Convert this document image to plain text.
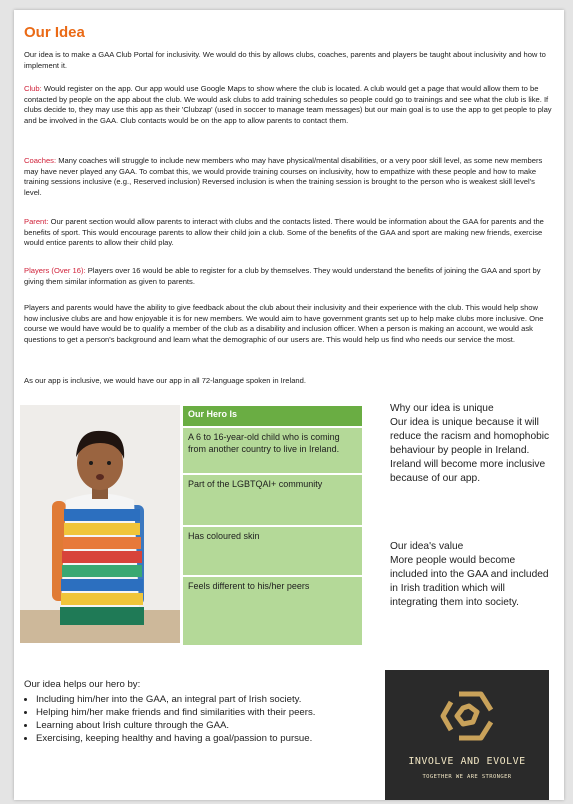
Our Idea
Our idea is to make a GAA Club Portal for inclusivity. We would do this by allows clubs, coaches, parents and players be taught about inclusivity and how to implement it.
Club: Would register on the app. Our app would use Google Maps to show where the club is located. A club would get a page that would allow them to be contacted by people on the app about the club. We would ask clubs to add training schedules so people could go to trainings and see what the club is like. If clubs decide to, they may use this app as their 'Clubzap' (used in soccer to manage team messages) but our main goal is to use the app to get people to play and be involved in the GAA. Club contacts would be on the app to allow parents to contact them.
Coaches: Many coaches will struggle to include new members who may have physical/mental disabilities, or a very poor skill level, as some new members may have never played any GAA. To combat this, we would provide training courses on inclusivity, how to empathize with these people and how to make training sessions inclusive (e.g., Reserved inclusion) Reversed inclusion is when the training session is brought to the person who is weakest skill level's level.
Parent: Our parent section would allow parents to interact with clubs and the contacts listed. There would be information about the GAA for parents and the benefits of sport. This would encourage parents to allow their child join a club. Some of the benefits of the GAA and sport are making new friends, exercise would entice parents to allow their child play.
Players (Over 16): Players over 16 would be able to register for a club by themselves. They would understand the benefits of joining the GAA and sport by giving them similar information as given to parents.
Players and parents would have the ability to give feedback about the club about their inclusivity and their experience with the club. This would help show how inclusive clubs are and how enjoyable it is for new members. We would aim to have government grants set up to help make clubs more inclusive. One course we would have would be to qualify a member of the club as a disability and inclusion officer. When a person is making an account, we would ask questions to get a person's background and learn what the demographic of our users are. This would help us find who needs our service the most.
As our app is inclusive, we would have our app in all 72-language spoken in Ireland.
Our Hero Is
A 6 to 16-year-old child who is coming from another country to live in Ireland.
Part of the LGBTQAI+ community
Has coloured skin
Feels different to his/her peers
Why our idea is unique
Our idea is unique because it will reduce the racism and homophobic behaviour by people in Ireland. Ireland will become more inclusive because of our app.
Our idea's value
More people would become included into the GAA and included in Irish tradition which will integrating them into society.
Our idea helps our hero by:
• Including him/her into the GAA, an integral part of Irish society.
• Helping him/her make friends and find similarities with their peers.
• Learning about Irish culture through the GAA.
• Exercising, keeping healthy and having a goal/passion to pursue.
INVOLVE AND EVOLVE
TOGETHER WE ARE STRONGER
